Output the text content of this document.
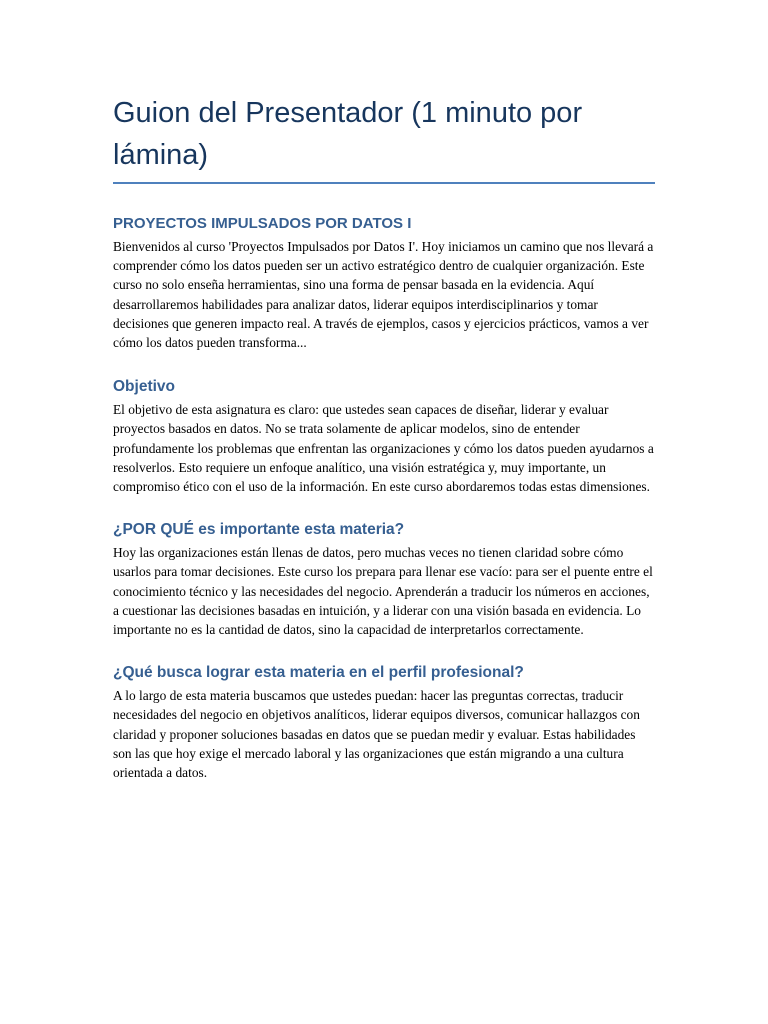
Guion del Presentador (1 minuto por lámina)
PROYECTOS IMPULSADOS POR DATOS I

Bienvenidos al curso 'Proyectos Impulsados por Datos I'. Hoy iniciamos un camino que nos llevará a comprender cómo los datos pueden ser un activo estratégico dentro de cualquier organización. Este curso no solo enseña herramientas, sino una forma de pensar basada en la evidencia. Aquí desarrollaremos habilidades para analizar datos, liderar equipos interdisciplinarios y tomar decisiones que generen impacto real. A través de ejemplos, casos y ejercicios prácticos, vamos a ver cómo los datos pueden transforma...

Objetivo

El objetivo de esta asignatura es claro: que ustedes sean capaces de diseñar, liderar y evaluar proyectos basados en datos. No se trata solamente de aplicar modelos, sino de entender profundamente los problemas que enfrentan las organizaciones y cómo los datos pueden ayudarnos a resolverlos. Esto requiere un enfoque analítico, una visión estratégica y, muy importante, un compromiso ético con el uso de la información. En este curso abordaremos todas estas dimensiones.

¿POR QUÉ es importante esta materia?

Hoy las organizaciones están llenas de datos, pero muchas veces no tienen claridad sobre cómo usarlos para tomar decisiones. Este curso los prepara para llenar ese vacío: para ser el puente entre el conocimiento técnico y las necesidades del negocio. Aprenderán a traducir los números en acciones, a cuestionar las decisiones basadas en intuición, y a liderar con una visión basada en evidencia. Lo importante no es la cantidad de datos, sino la capacidad de interpretarlos correctamente.

¿Qué busca lograr esta materia en el perfil profesional?

A lo largo de esta materia buscamos que ustedes puedan: hacer las preguntas correctas, traducir necesidades del negocio en objetivos analíticos, liderar equipos diversos, comunicar hallazgos con claridad y proponer soluciones basadas en datos que se puedan medir y evaluar. Estas habilidades son las que hoy exige el mercado laboral y las organizaciones que están migrando a una cultura orientada a datos.
